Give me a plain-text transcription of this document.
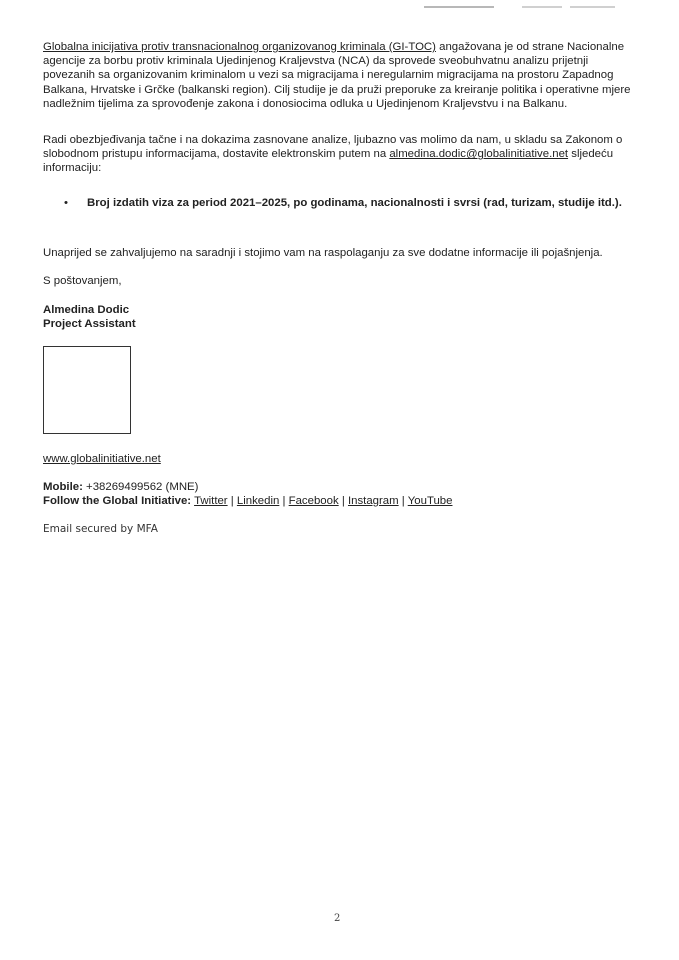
Globalna inicijativa protiv transnacionalnog organizovanog kriminala (GI-TOC) angažovana je od strane Nacionalne agencije za borbu protiv kriminala Ujedinjenog Kraljevstva (NCA) da sprovede sveobuhvatnu analizu prijetnji povezanih sa organizovanim kriminalom u vezi sa migracijama i neregularnim migracijama na prostoru Zapadnog Balkana, Hrvatske i Grčke (balkanski region). Cilj studije je da pruži preporuke za kreiranje politika i operativne mjere nadležnim tijelima za sprovođenje zakona i donosiocima odluka u Ujedinjenom Kraljevstvu i na Balkanu.

Radi obezbjeđivanja tačne i na dokazima zasnovane analize, ljubazno vas molimo da nam, u skladu sa Zakonom o slobodnom pristupu informacijama, dostavite elektronskim putem na almedina.dodic@globalinitiative.net sljedeću informaciju:

• Broj izdatih viza za period 2021–2025, po godinama, nacionalnosti i svrsi (rad, turizam, studije itd.).

Unaprijed se zahvaljujemo na saradnji i stojimo vam na raspolaganju za sve dodatne informacije ili pojašnjenja.

S poštovanjem,

Almedina Dodic
Project Assistant
www.globalinitiative.net
Mobile: +38269499562 (MNE)
Follow the Global Initiative: Twitter | Linkedin | Facebook | Instagram | YouTube
Email secured by MFA
2
